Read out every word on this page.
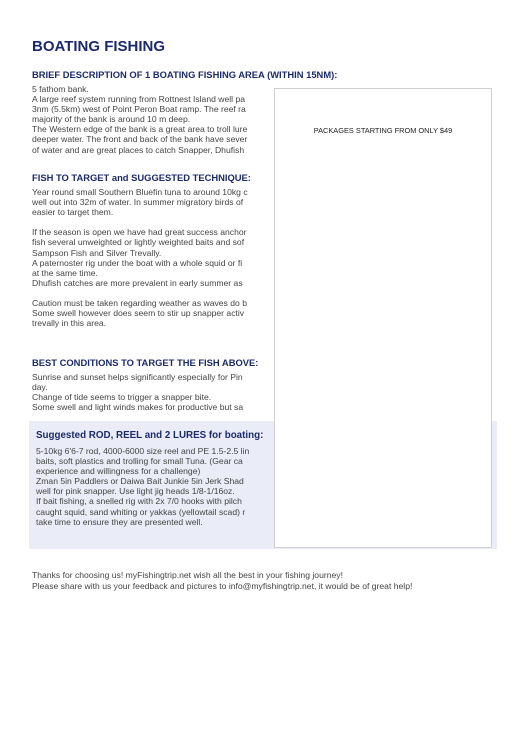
BOATING FISHING
BRIEF DESCRIPTION OF 1 BOATING FISHING AREA (WITHIN 15NM):
5 fathom bank.
A large reef system running from Rottnest Island well pa
3nm (5.5km) west of Point Peron Boat ramp. The reef ra
majority of the bank is around 10 m deep.
The Western edge of the bank is a great area to troll lure
deeper water. The front and back of the bank have sever
of water and are great places to catch Snapper, Dhufish
FISH TO TARGET and SUGGESTED TECHNIQUE:
Year round small Southern Bluefin tuna to around 10kg c
well out into 32m of water. In summer migratory birds of
easier to target them.
If the season is open we have had great success anchor
fish several unweighted or lightly weighted baits and sof
Sampson Fish and Silver Trevally.
A paternoster rig under the boat with a whole squid or fi
at the same time.
Dhufish catches are more prevalent in early summer as
Caution must be taken regarding weather as waves do b
Some swell however does seem to stir up snapper activ
trevally in this area.
BEST CONDITIONS TO TARGET THE FISH ABOVE:
Sunrise and sunset helps significantly especially for Pin
day.
Change of tide seems to trigger a snapper bite.
Some swell and light winds makes for productive but sa
Suggested ROD, REEL and 2 LURES for boating:
5-10kg 6'6-7 rod, 4000-6000 size reel and PE 1.5-2.5 lin
baits, soft plastics and trolling for small Tuna. (Gear ca
experience and willingness for a challenge)
Zman 5in Paddlers or Daiwa Bait Junkie 5in Jerk Shad
well for pink snapper. Use light jig heads 1/8-1/16oz.
If bait fishing, a snelled rig with 2x 7/0 hooks with pilch
caught squid, sand whiting or yakkas (yellowtail scad) r
take time to ensure they are presented well.
PACKAGES STARTING FROM ONLY $49
Thanks for choosing us! myFishingtrip.net wish all the best in your fishing journey!
Please share with us your feedback and pictures to info@myfishingtrip.net, it would be of great help!
